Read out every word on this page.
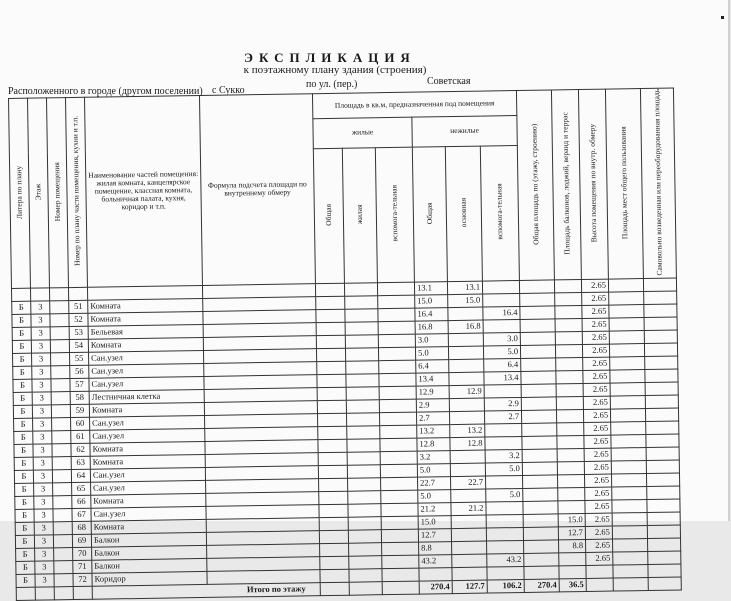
ЭКСПЛИКАЦИЯ
к поэтажному плану здания (строения)
Расположенного в городе (другом поселении) с Сукко
по ул. (пер.)	Советская
Литера по плану	Этаж	Номер помещения	Номер по плану части помещения, кухни и т.п.	Наименование частей помещения: жилая комната, канцелярское помещение, классная комната, больничная палата, кухня, коридор и т.п.	Формула подсчета площади по внутреннему обмеру	Площадь в кв.м, предназначенная под помещения						Общая площадь по (этажу, строению)	Площадь балконов, лоджий, веранд и террас	Высота помещения по внутр. обмеру	Площадь мест общего пользования	Самовольно возведенная или переоборудованная площадь
						жилые			нежилые							
						Общая	жилая	вспомога-тельная	Общая	основная	вспомога-тельная					
									13.1	13.1				2.65		
Б	3		51	Комната					15.0	15.0				2.65		
Б	3		52	Комната					16.4		16.4			2.65		
Б	3		53	Бельевая					16.8	16.8				2.65		
Б	3		54	Комната					3.0		3.0			2.65		
Б	3		55	Сан.узел					5.0		5.0			2.65		
Б	3		56	Сан.узел					6.4		6.4			2.65		
Б	3		57	Сан.узел					13.4		13.4			2.65		
Б	3		58	Лестничная клетка					12.9	12.9				2.65		
Б	3		59	Комната					2.9		2.9			2.65		
Б	3		60	Сан.узел					2.7		2.7			2.65		
Б	3		61	Сан.узел					13.2	13.2				2.65		
Б	3		62	Комната					12.8	12.8				2.65		
Б	3		63	Комната					3.2		3.2			2.65		
Б	3		64	Сан.узел					5.0		5.0			2.65		
Б	3		65	Сан.узел					22.7	22.7				2.65		
Б	3		66	Комната					5.0		5.0			2.65		
Б	3		67	Сан.узел					21.2	21.2				2.65		
Б	3		68	Комната					15.0				15.0	2.65		
Б	3		69	Балкон					12.7				12.7	2.65		
Б	3		70	Балкон					8.8				8.8	2.65		
Б	3		71	Балкон					43.2		43.2			2.65		
Б	3		72	Коридор												
				Итого по этажу					270.4	127.7	106.2	270.4	36.5			
